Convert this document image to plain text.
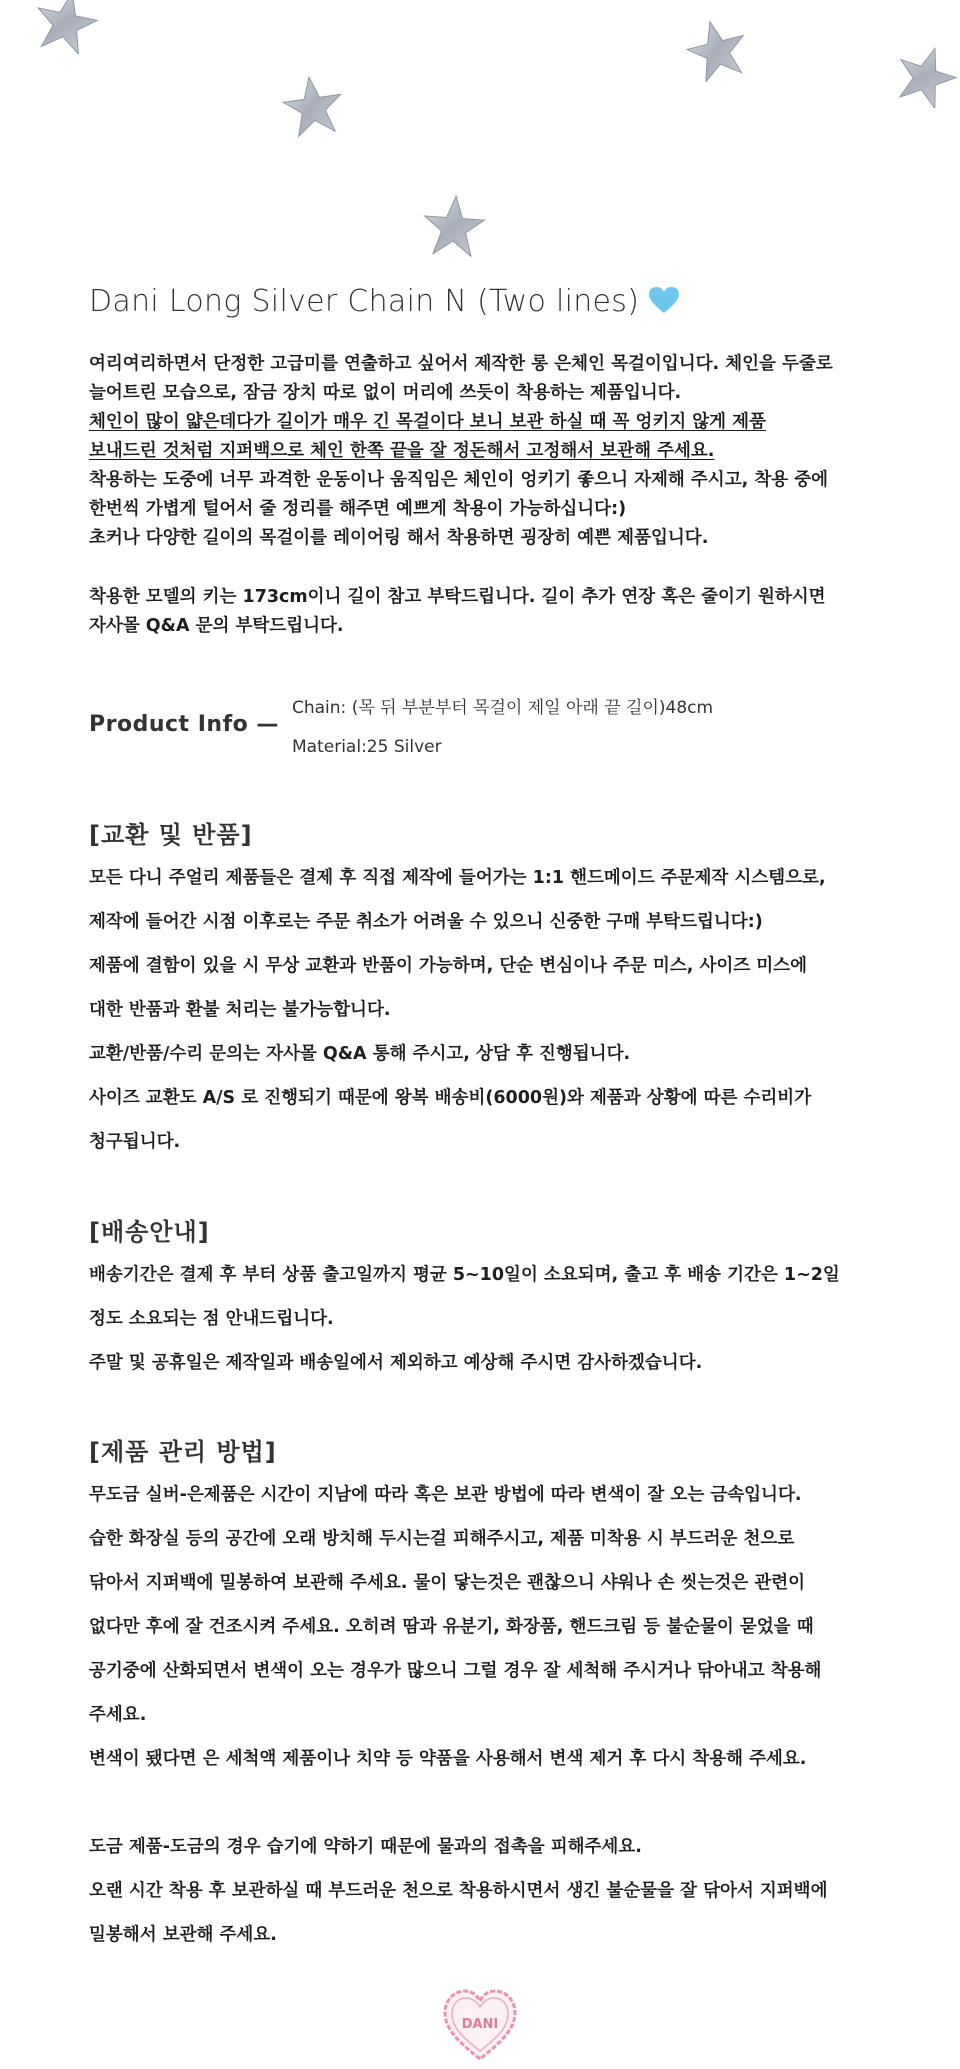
Dani Long Silver Chain N (Two lines)

여리여리하면서 단정한 고급미를 연출하고 싶어서 제작한 롱 은체인 목걸이입니다. 체인을 두줄로

늘어트린 모습으로, 잠금 장치 따로 없이 머리에 쓰듯이 착용하는 제품입니다.

체인이 많이 얇은데다가 길이가 매우 긴 목걸이다 보니 보관 하실 때 꼭 엉키지 않게 제품

보내드린 것처럼 지퍼백으로 체인 한쪽 끝을 잘 정돈해서 고정해서 보관해 주세요.

착용하는 도중에 너무 과격한 운동이나 움직임은 체인이 엉키기 좋으니 자제해 주시고, 착용 중에

한번씩 가볍게 털어서 줄 정리를 해주면 예쁘게 착용이 가능하십니다:)

초커나 다양한 길이의 목걸이를 레이어링 해서 착용하면 굉장히 예쁜 제품입니다.

착용한 모델의 키는 173cm이니 길이 참고 부탁드립니다. 길이 추가 연장 혹은 줄이기 원하시면

자사몰 Q&A 문의 부탁드립니다.

Product Info —
Chain: (목 뒤 부분부터 목걸이 제일 아래 끝 길이)48cm
Material:25 Silver
[교환 및 반품]

모든 다니 주얼리 제품들은 결제 후 직접 제작에 들어가는 1:1 핸드메이드 주문제작 시스템으로,

제작에 들어간 시점 이후로는 주문 취소가 어려울 수 있으니 신중한 구매 부탁드립니다:)

제품에 결함이 있을 시 무상 교환과 반품이 가능하며, 단순 변심이나 주문 미스, 사이즈 미스에

대한 반품과 환불 처리는 불가능합니다.

교환/반품/수리 문의는 자사몰 Q&A 통해 주시고, 상담 후 진행됩니다.

사이즈 교환도 A/S 로 진행되기 때문에 왕복 배송비(6000원)와 제품과 상황에 따른 수리비가

청구됩니다.

[배송안내]

배송기간은 결제 후 부터 상품 출고일까지 평균 5~10일이 소요되며, 출고 후 배송 기간은 1~2일

정도 소요되는 점 안내드립니다.

주말 및 공휴일은 제작일과 배송일에서 제외하고 예상해 주시면 감사하겠습니다.

[제품 관리 방법]

무도금 실버-은제품은 시간이 지남에 따라 혹은 보관 방법에 따라 변색이 잘 오는 금속입니다.

습한 화장실 등의 공간에 오래 방치해 두시는걸 피해주시고, 제품 미착용 시 부드러운 천으로

닦아서 지퍼백에 밀봉하여 보관해 주세요. 물이 닿는것은 괜찮으니 샤워나 손 씻는것은 관련이

없다만 후에 잘 건조시켜 주세요. 오히려 땀과 유분기, 화장품, 핸드크림 등 불순물이 묻었을 때

공기중에 산화되면서 변색이 오는 경우가 많으니 그럴 경우 잘 세척해 주시거나 닦아내고 착용해

주세요.

변색이 됐다면 은 세척액 제품이나 치약 등 약품을 사용해서 변색 제거 후 다시 착용해 주세요.

도금 제품-도금의 경우 습기에 약하기 때문에 물과의 접촉을 피해주세요.

오랜 시간 착용 후 보관하실 때 부드러운 천으로 착용하시면서 생긴 불순물을 잘 닦아서 지퍼백에

밀봉해서 보관해 주세요.

DANI
